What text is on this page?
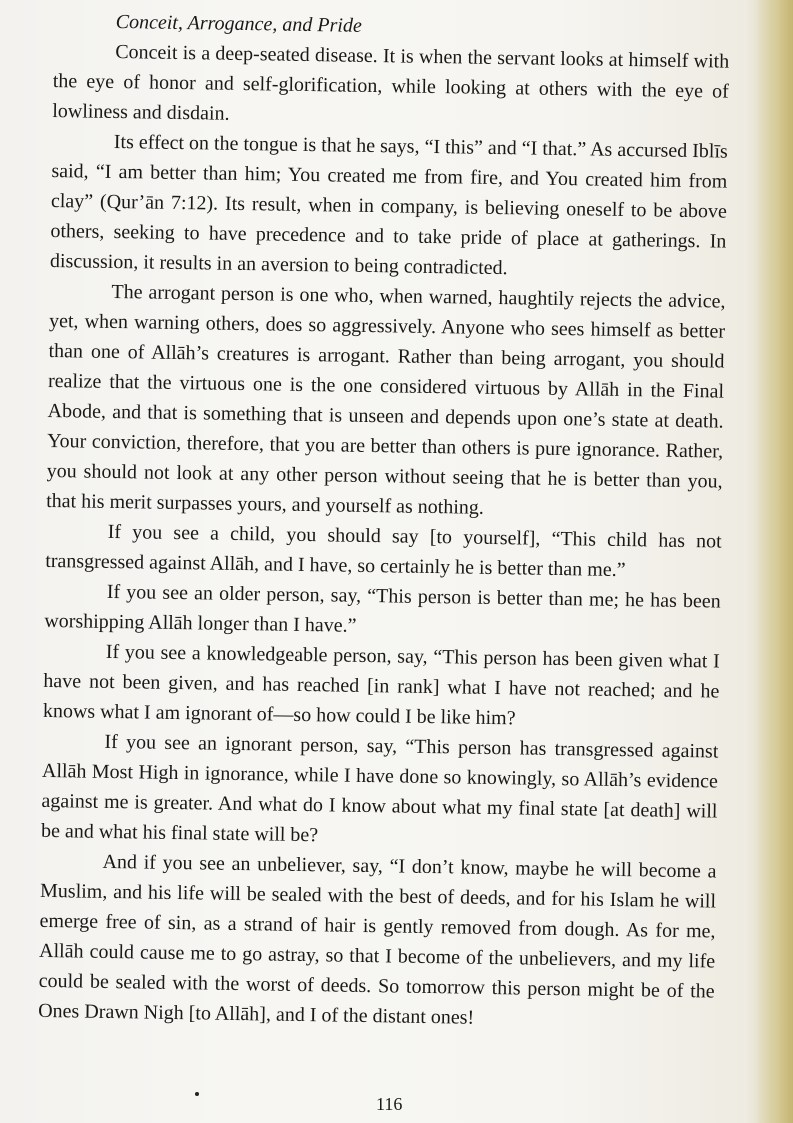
Conceit, Arrogance, and Pride

Conceit is a deep-seated disease. It is when the servant looks at himself with the eye of honor and self-glorification, while looking at others with the eye of lowliness and disdain.

Its effect on the tongue is that he says, “I this” and “I that.” As accursed Iblīs said, “I am better than him; You created me from fire, and You created him from clay” (Qur’ān 7:12). Its result, when in company, is believing oneself to be above others, seeking to have precedence and to take pride of place at gatherings. In discussion, it results in an aversion to being contradicted.

The arrogant person is one who, when warned, haughtily rejects the advice, yet, when warning others, does so aggressively. Anyone who sees himself as better than one of Allāh’s creatures is arrogant. Rather than being arrogant, you should realize that the virtuous one is the one considered virtuous by Allāh in the Final Abode, and that is something that is unseen and depends upon one’s state at death. Your conviction, therefore, that you are better than others is pure ignorance. Rather, you should not look at any other person without seeing that he is better than you, that his merit surpasses yours, and yourself as nothing.

If you see a child, you should say [to yourself], “This child has not transgressed against Allāh, and I have, so certainly he is better than me.”

If you see an older person, say, “This person is better than me; he has been worshipping Allāh longer than I have.”

If you see a knowledgeable person, say, “This person has been given what I have not been given, and has reached [in rank] what I have not reached; and he knows what I am ignorant of—so how could I be like him?

If you see an ignorant person, say, “This person has transgressed against Allāh Most High in ignorance, while I have done so knowingly, so Allāh’s evidence against me is greater. And what do I know about what my final state [at death] will be and what his final state will be?

And if you see an unbeliever, say, “I don’t know, maybe he will become a Muslim, and his life will be sealed with the best of deeds, and for his Islam he will emerge free of sin, as a strand of hair is gently removed from dough. As for me, Allāh could cause me to go astray, so that I become of the unbelievers, and my life could be sealed with the worst of deeds. So tomorrow this person might be of the Ones Drawn Nigh [to Allāh], and I of the distant ones!

116
